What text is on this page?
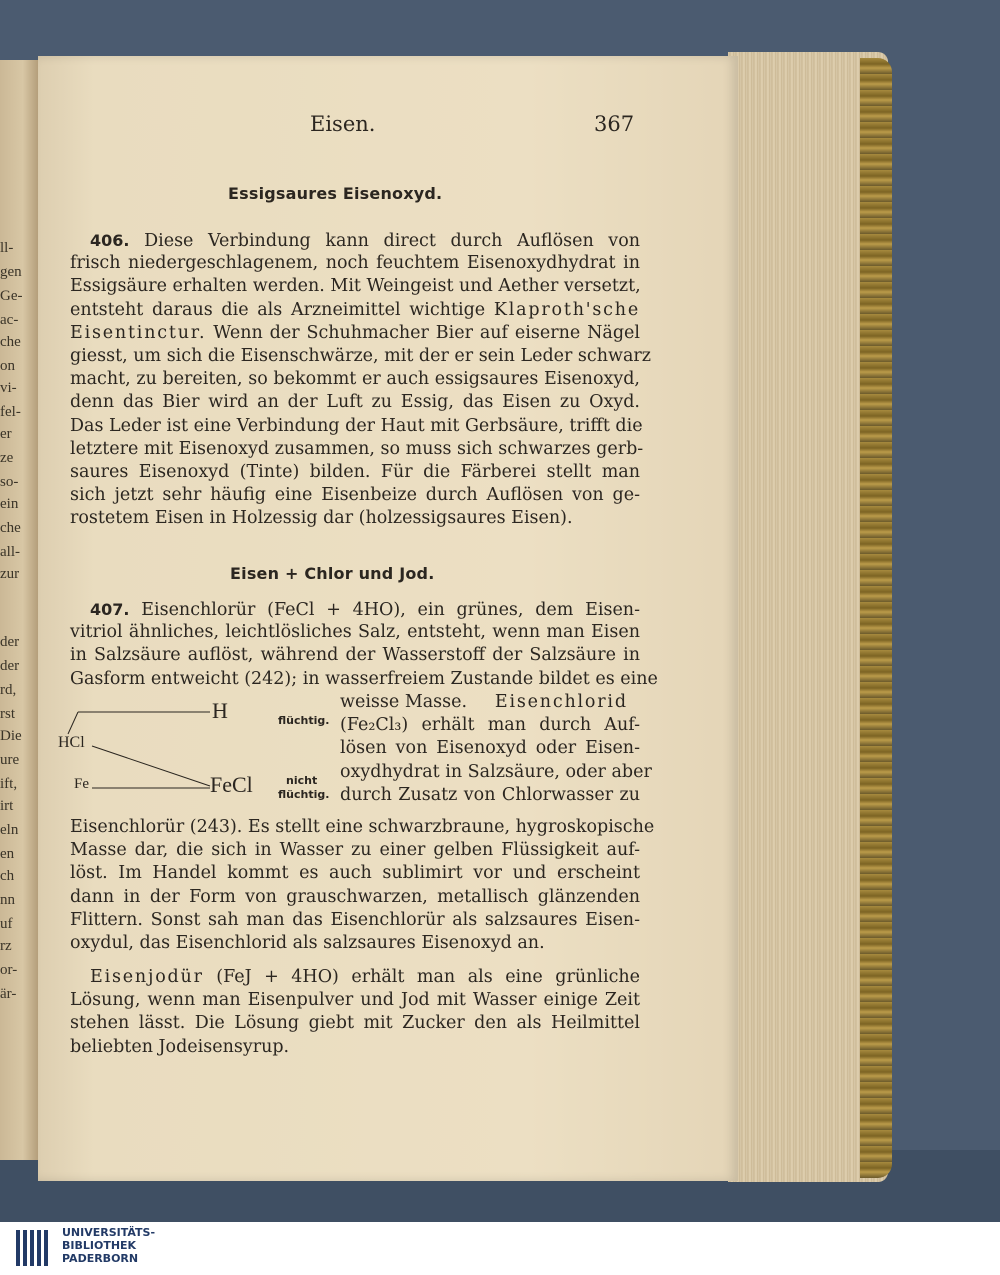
ll-
gen
Ge-
ac-
che
on
vi-
fel-
er
ze
so-
ein
che
all-
zur
der
der
rd,
rst
Die
ure
ift,
irt
eln
en
ch
nn
uf
rz
or-
är-
Eisen.	367
Essigsaures Eisenoxyd.
406. Diese Verbindung kann direct durch Auflösen von
frisch niedergeschlagenem, noch feuchtem Eisenoxydhydrat in
Essigsäure erhalten werden. Mit Weingeist und Aether versetzt,
entsteht daraus die als Arzneimittel wichtige Klaproth'sche
Eisentinctur. Wenn der Schuhmacher Bier auf eiserne Nägel
giesst, um sich die Eisenschwärze, mit der er sein Leder schwarz
macht, zu bereiten, so bekommt er auch essigsaures Eisenoxyd,
denn das Bier wird an der Luft zu Essig, das Eisen zu Oxyd.
Das Leder ist eine Verbindung der Haut mit Gerbsäure, trifft die
letztere mit Eisenoxyd zusammen, so muss sich schwarzes gerb-
saures Eisenoxyd (Tinte) bilden. Für die Färberei stellt man
sich jetzt sehr häufig eine Eisenbeize durch Auflösen von ge-
rostetem Eisen in Holzessig dar (holzessigsaures Eisen).
Eisen + Chlor und Jod.
407. Eisenchlorür (FeCl + 4HO), ein grünes, dem Eisen-
vitriol ähnliches, leichtlösliches Salz, entsteht, wenn man Eisen
in Salzsäure auflöst, während der Wasserstoff der Salzsäure in
Gasform entweicht (242); in wasserfreiem Zustande bildet es eine
H	flüchtig.
HCl
Fe	FeCl	nicht
flüchtig.
weisse Masse. Eisenchlorid
(Fe₂Cl₃) erhält man durch Auf-
lösen von Eisenoxyd oder Eisen-
oxydhydrat in Salzsäure, oder aber
durch Zusatz von Chlorwasser zu
Eisenchlorür (243). Es stellt eine schwarzbraune, hygroskopische
Masse dar, die sich in Wasser zu einer gelben Flüssigkeit auf-
löst. Im Handel kommt es auch sublimirt vor und erscheint
dann in der Form von grauschwarzen, metallisch glänzenden
Flittern. Sonst sah man das Eisenchlorür als salzsaures Eisen-
oxydul, das Eisenchlorid als salzsaures Eisenoxyd an.
Eisenjodür (FeJ + 4HO) erhält man als eine grünliche
Lösung, wenn man Eisenpulver und Jod mit Wasser einige Zeit
stehen lässt. Die Lösung giebt mit Zucker den als Heilmittel
beliebten Jodeisensyrup.
UNIVERSITÄTS-
BIBLIOTHEK
PADERBORN
